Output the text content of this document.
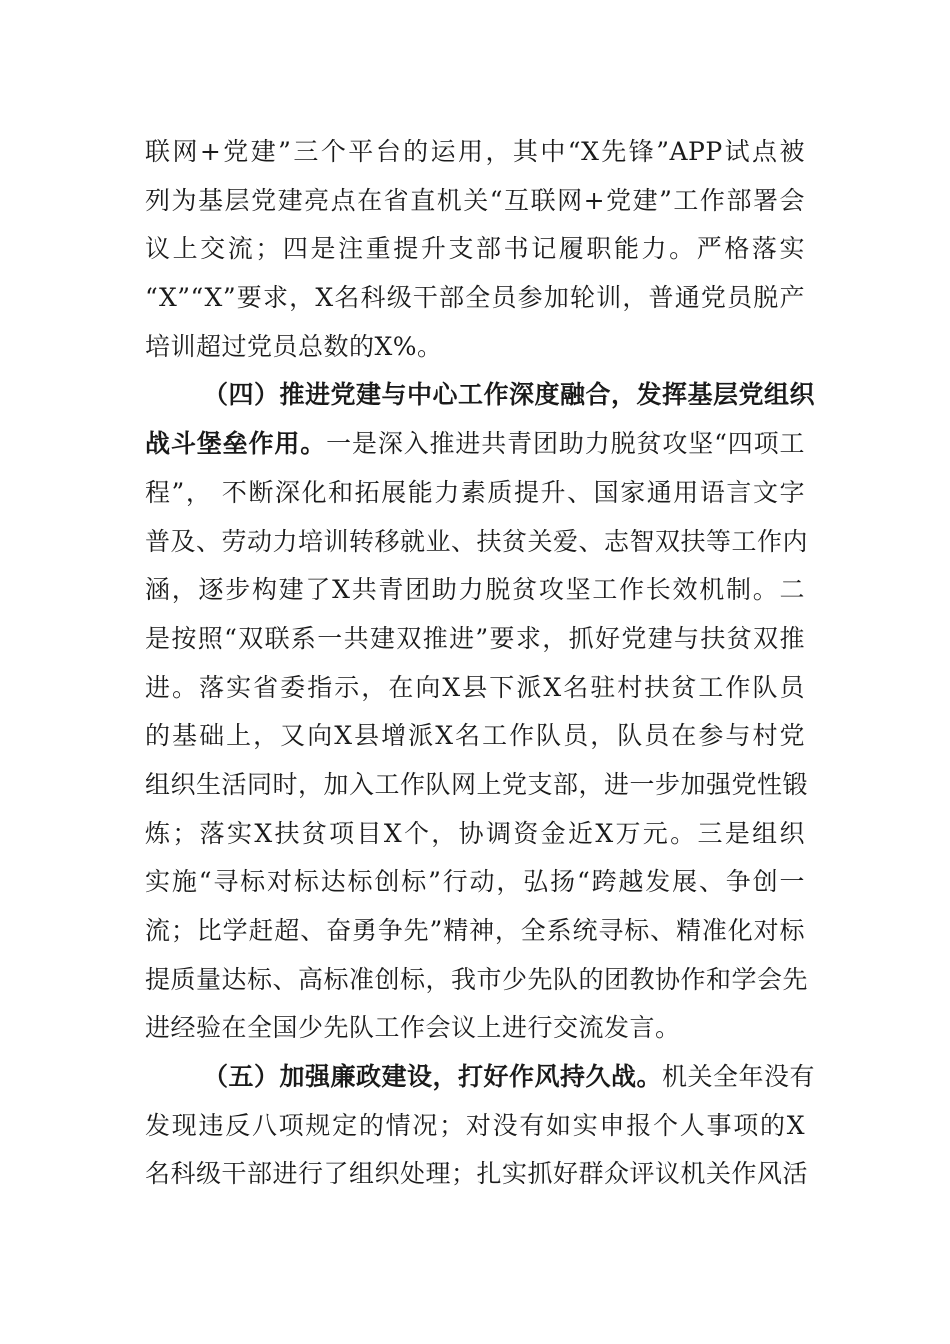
联网+党建”三个平台的运用，其中“X先锋”APP试点被
列为基层党建亮点在省直机关“互联网+党建”工作部署会
议上交流；四是注重提升支部书记履职能力。严格落实
“X”“X”要求，X名科级干部全员参加轮训，普通党员脱产
培训超过党员总数的X%。
（四）推进党建与中心工作深度融合，发挥基层党组织
战斗堡垒作用。一是深入推进共青团助力脱贫攻坚“四项工
程”， 不断深化和拓展能力素质提升、国家通用语言文字
普及、劳动力培训转移就业、扶贫关爱、志智双扶等工作内
涵，逐步构建了X共青团助力脱贫攻坚工作长效机制。二
是按照“双联系一共建双推进”要求，抓好党建与扶贫双推
进。落实省委指示，在向X县下派X名驻村扶贫工作队员
的基础上，又向X县增派X名工作队员，队员在参与村党
组织生活同时，加入工作队网上党支部，进一步加强党性锻
炼；落实X扶贫项目X个，协调资金近X万元。三是组织
实施“寻标对标达标创标”行动，弘扬“跨越发展、争创一
流；比学赶超、奋勇争先”精神，全系统寻标、精准化对标
提质量达标、高标准创标，我市少先队的团教协作和学会先
进经验在全国少先队工作会议上进行交流发言。
（五）加强廉政建设，打好作风持久战。机关全年没有
发现违反八项规定的情况；对没有如实申报个人事项的X
名科级干部进行了组织处理；扎实抓好群众评议机关作风活
